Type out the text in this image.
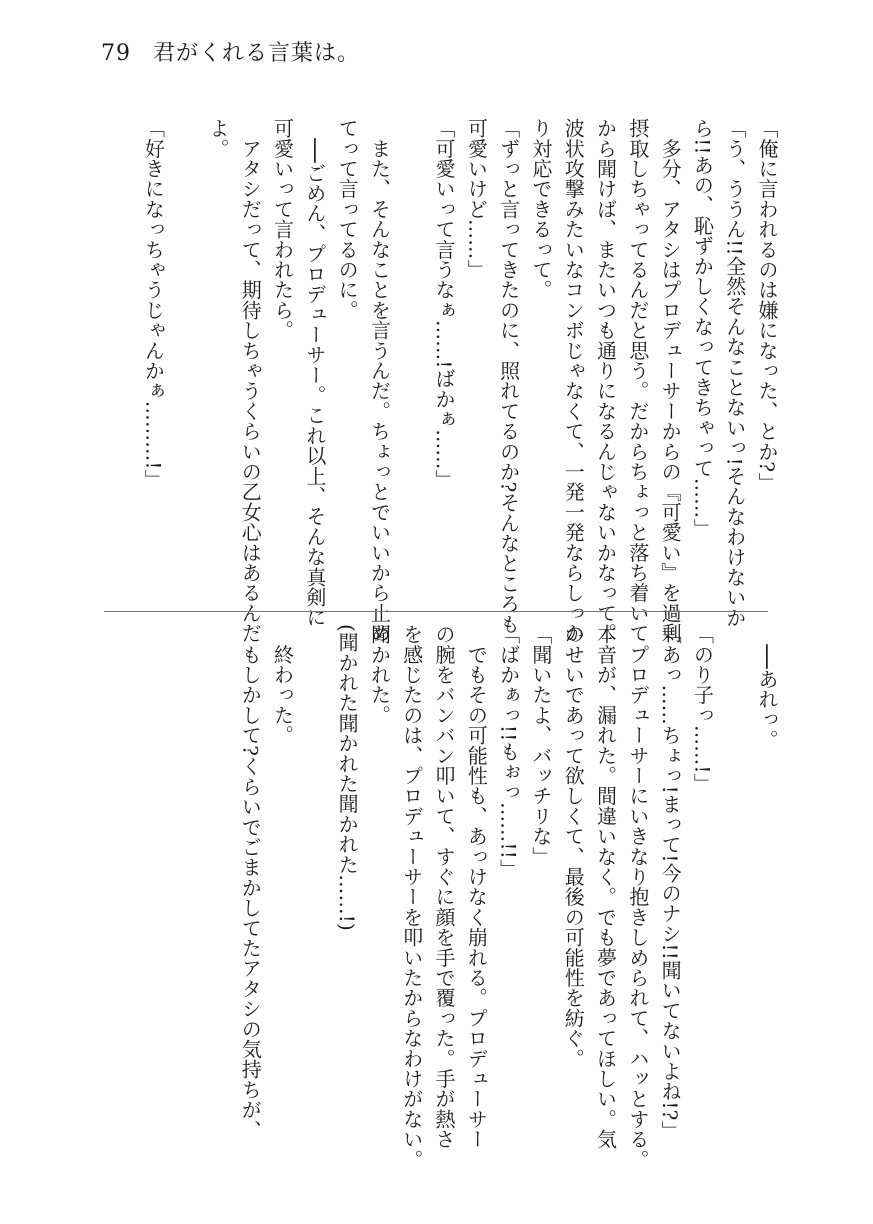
79 君がくれる言葉は。
「俺に言われるのは嫌になった、とか?」
「う、ううん!!全然そんなことないっ!そんなわけないか
ら!!あの、恥ずかしくなってきちゃって……」
　多分、アタシはプロデューサーからの『可愛い』を過剰
摂取しちゃってるんだと思う。だからちょっと落ち着いて
から聞けば、またいつも通りになるんじゃないかなって。
波状攻撃みたいなコンボじゃなくて、一発一発ならしっか
り対応できるって。
「ずっと言ってきたのに、照れてるのか?そんなところも
可愛いけど……」
「可愛いって言うなぁ……!ばかぁ……」

　また、そんなことを言うんだ。ちょっとでいいから止め
てって言ってるのに。
　──ごめん、プロデューサー。これ以上、そんな真剣に
可愛いって言われたら。
　アタシだって、期待しちゃうくらいの乙女心はあるんだ
よ。

「好きになっちゃうじゃんかぁ………!」
　──あれっ。

「のり子っ……!」
「あっ……ちょっ!まって!今のナシ!!聞いてないよね!?」
　プロデューサーにいきなり抱きしめられて、ハッとする。
本音が、漏れた。間違いなく。でも夢であってほしい。気
のせいであって欲しくて、最後の可能性を紡ぐ。
「聞いたよ、バッチリな」
「ばかぁっ!!もぉっ……!!」
　でもその可能性も、あっけなく崩れる。プロデューサー
の腕をバンバン叩いて、すぐに顔を手で覆った。手が熱さ
を感じたのは、プロデューサーを叩いたからなわけがない。
聞かれた。
(聞かれた聞かれた聞かれた……!)

　終わった。
　もしかして?くらいでごまかしてたアタシの気持ちが、
